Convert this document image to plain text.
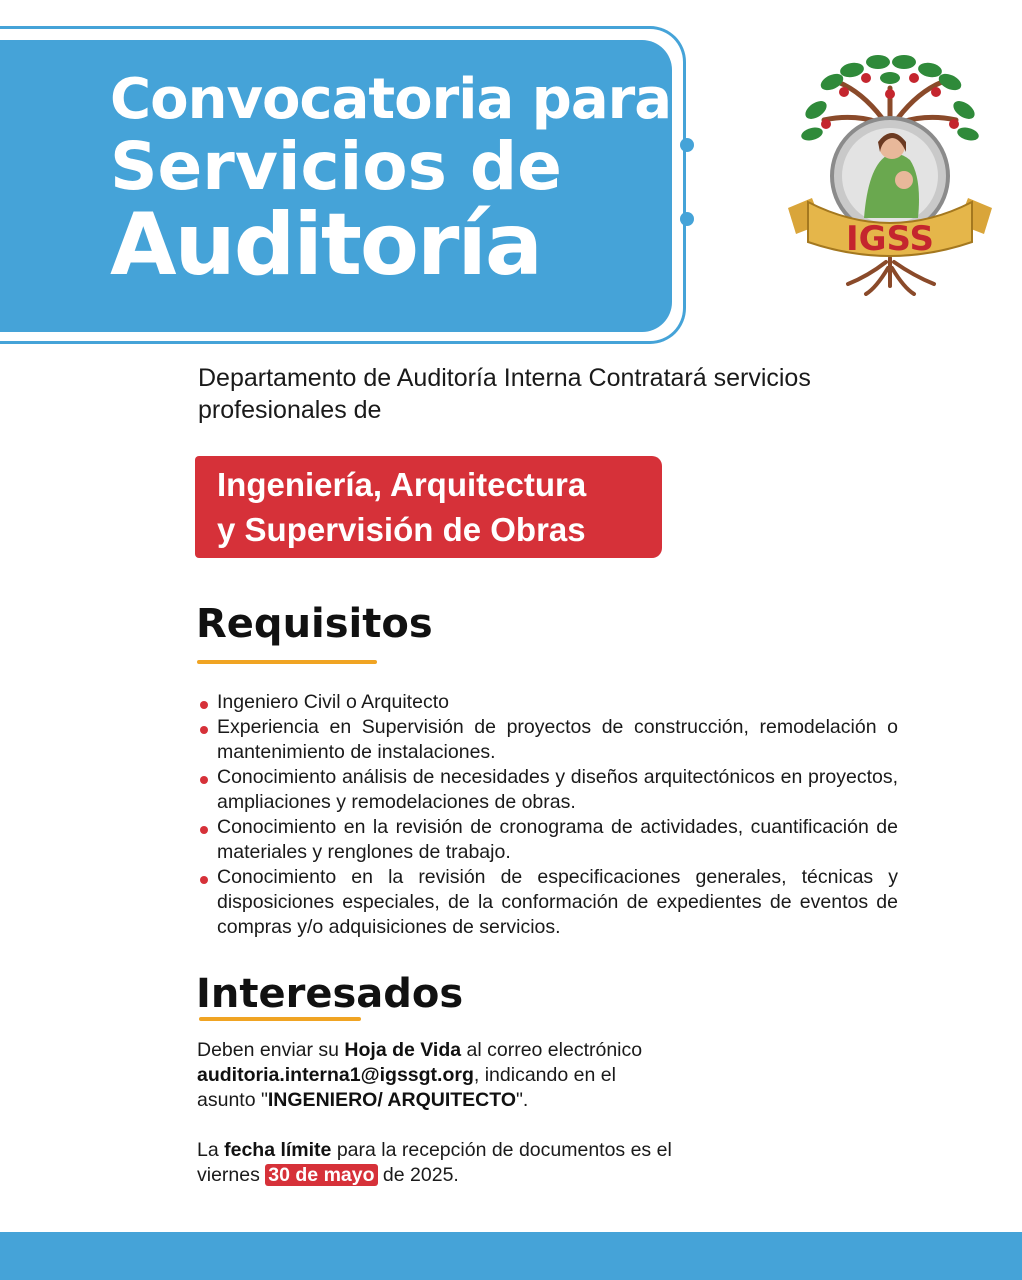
Convocatoria para
Servicios de
Auditoría	IGSS
Departamento de Auditoría Interna Contratará servicios profesionales de
Ingeniería, Arquitectura
y Supervisión de Obras
Requisitos
Ingeniero Civil o Arquitecto
Experiencia en Supervisión de proyectos de construcción, remodelación o mantenimiento de instalaciones.
Conocimiento análisis de necesidades y diseños arquitectónicos en proyectos, ampliaciones y remodelaciones de obras.
Conocimiento en la revisión de cronograma de actividades, cuantificación de materiales y renglones de trabajo.
Conocimiento en la revisión de especificaciones generales, técnicas y disposiciones especiales, de la conformación de expedientes de eventos de compras y/o adquisiciones de servicios.
Interesados
Deben enviar su Hoja de Vida al correo electrónico
auditoria.interna1@igssgt.org, indicando en el asunto "INGENIERO/ ARQUITECTO".
La fecha límite para la recepción de documentos es el viernes 30 de mayo de 2025.
